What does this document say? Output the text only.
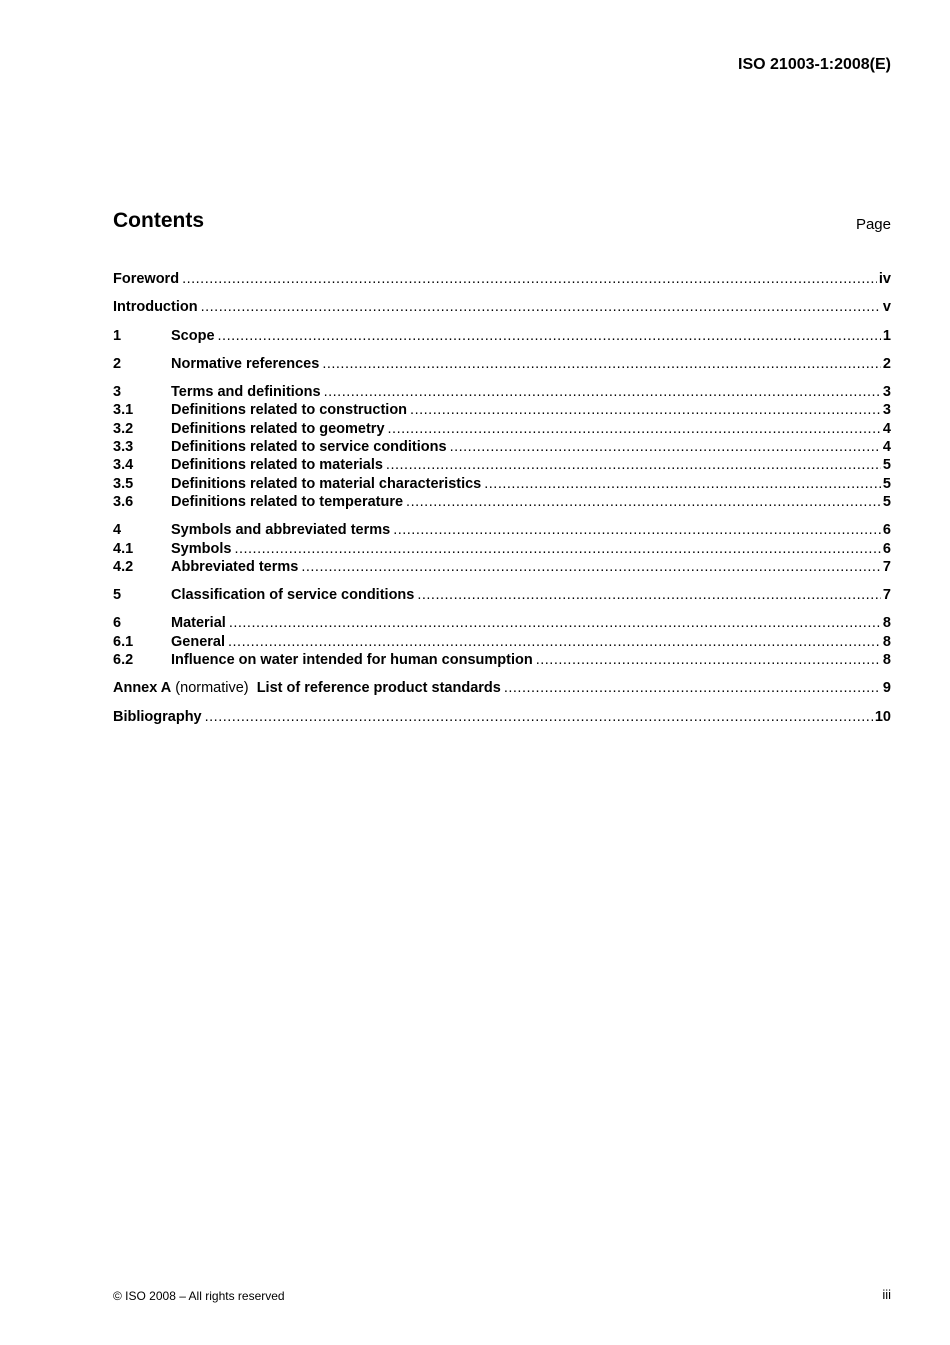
ISO 21003-1:2008(E)
Contents	Page
Foreword .....	iv
Introduction .....	v
1	Scope .....	1
2	Normative references .....	2
3	Terms and definitions .....	3
3.1	Definitions related to construction .....	3
3.2	Definitions related to geometry .....	4
3.3	Definitions related to service conditions .....	4
3.4	Definitions related to materials .....	5
3.5	Definitions related to material characteristics .....	5
3.6	Definitions related to temperature .....	5
4	Symbols and abbreviated terms .....	6
4.1	Symbols .....	6
4.2	Abbreviated terms .....	7
5	Classification of service conditions .....	7
6	Material .....	8
6.1	General .....	8
6.2	Influence on water intended for human consumption .....	8
Annex A (normative)  List of reference product standards .....	9
Bibliography .....	10
© ISO 2008 – All rights reserved	iii
